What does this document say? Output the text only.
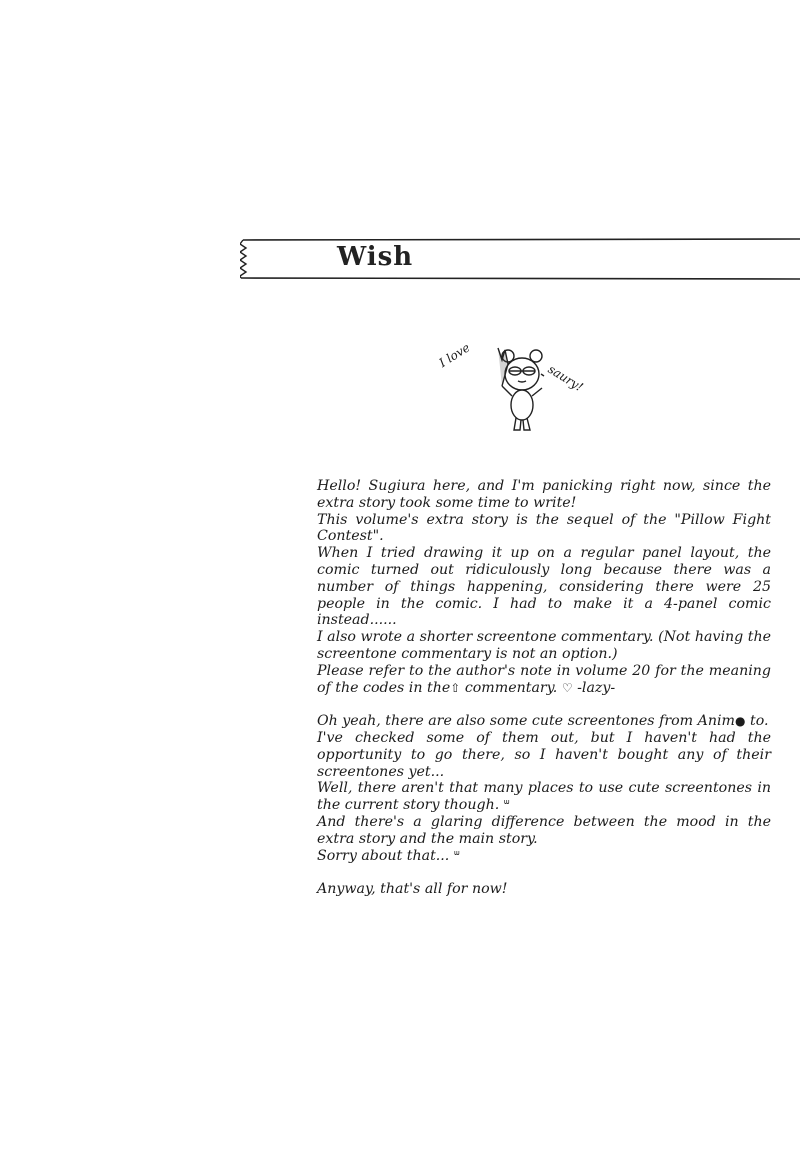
Wish
I love
saury!

Hello! Sugiura here, and I'm panicking right now, since the extra story took some time to write!

This volume's extra story is the sequel of the "Pillow Fight Contest".

When I tried drawing it up on a regular panel layout, the comic turned out ridiculously long because there was a number of things happening, considering there were 25 people in the comic. I had to make it a 4-panel comic instead......

I also wrote a shorter screentone commentary. (Not having the screentone commentary is not an option.)

Please refer to the author's note in volume 20 for the meaning of the codes in the⇧ commentary. ♡ -lazy-

Oh yeah, there are also some cute screentones from Anim● to.

I've checked some of them out, but I haven't had the opportunity to go there, so I haven't bought any of their screentones yet...

Well, there aren't that many places to use cute screentones in the current story though. ᐜ

And there's a glaring difference between the mood in the extra story and the main story.

Sorry about that... ᐜ

Anyway, that's all for now!
